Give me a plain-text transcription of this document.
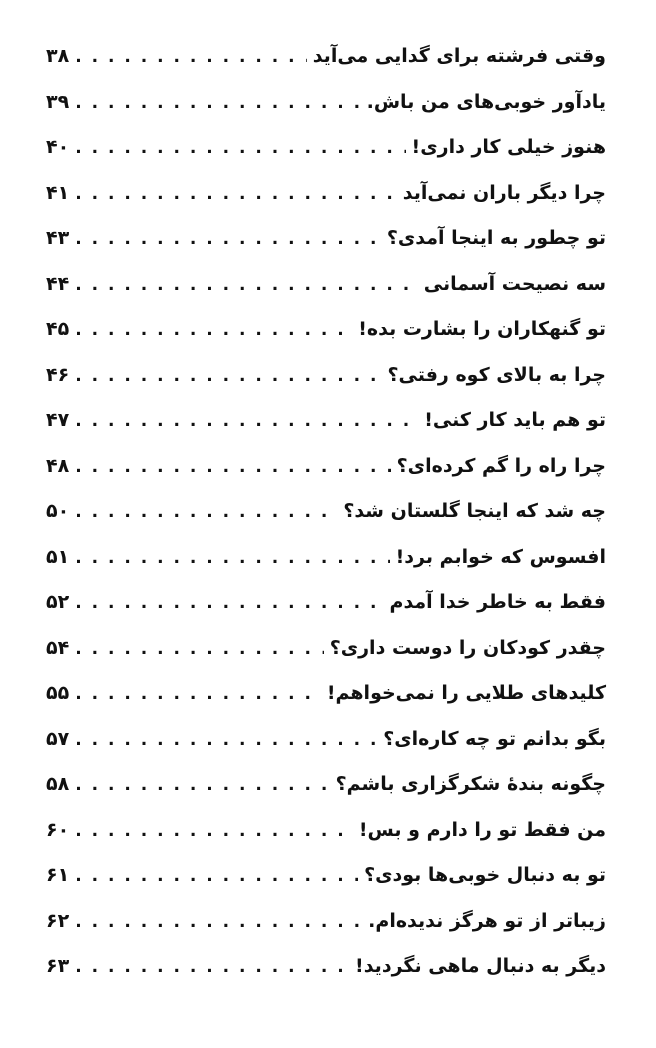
وقتی فرشته برای گدایی می‌آید
. . .
۳۸
یادآور خوبی‌های من باش.
. . .
۳۹
هنوز خیلی کار داری!
. . .
۴۰
چرا دیگر باران نمی‌آید
. . .
۴۱
تو چطور به اینجا آمدی؟
. . .
۴۳
سه نصیحت آسمانی
. . .
۴۴
تو گنهکاران را بشارت بده!
. . .
۴۵
چرا به بالای کوه رفتی؟
. . .
۴۶
تو هم باید کار کنی!
. . .
۴۷
چرا راه را گم کرده‌ای؟
. . .
۴۸
چه شد که اینجا گلستان شد؟
. . .
۵۰
افسوس که خوابم برد!
. . .
۵۱
فقط به خاطر خدا آمدم
. . .
۵۲
چقدر کودکان را دوست داری؟
. . .
۵۴
کلیدهای طلایی را نمی‌خواهم!
. . .
۵۵
بگو بدانم تو چه کاره‌ای؟
. . .
۵۷
چگونه بندهٔ شکرگزاری باشم؟
. . .
۵۸
من فقط تو را دارم و بس!
. . .
۶۰
تو به دنبال خوبی‌ها بودی؟
. . .
۶۱
زیباتر از تو هرگز ندیده‌ام.
. . .
۶۲
دیگر به دنبال ماهی نگردید!
. . .
۶۳
